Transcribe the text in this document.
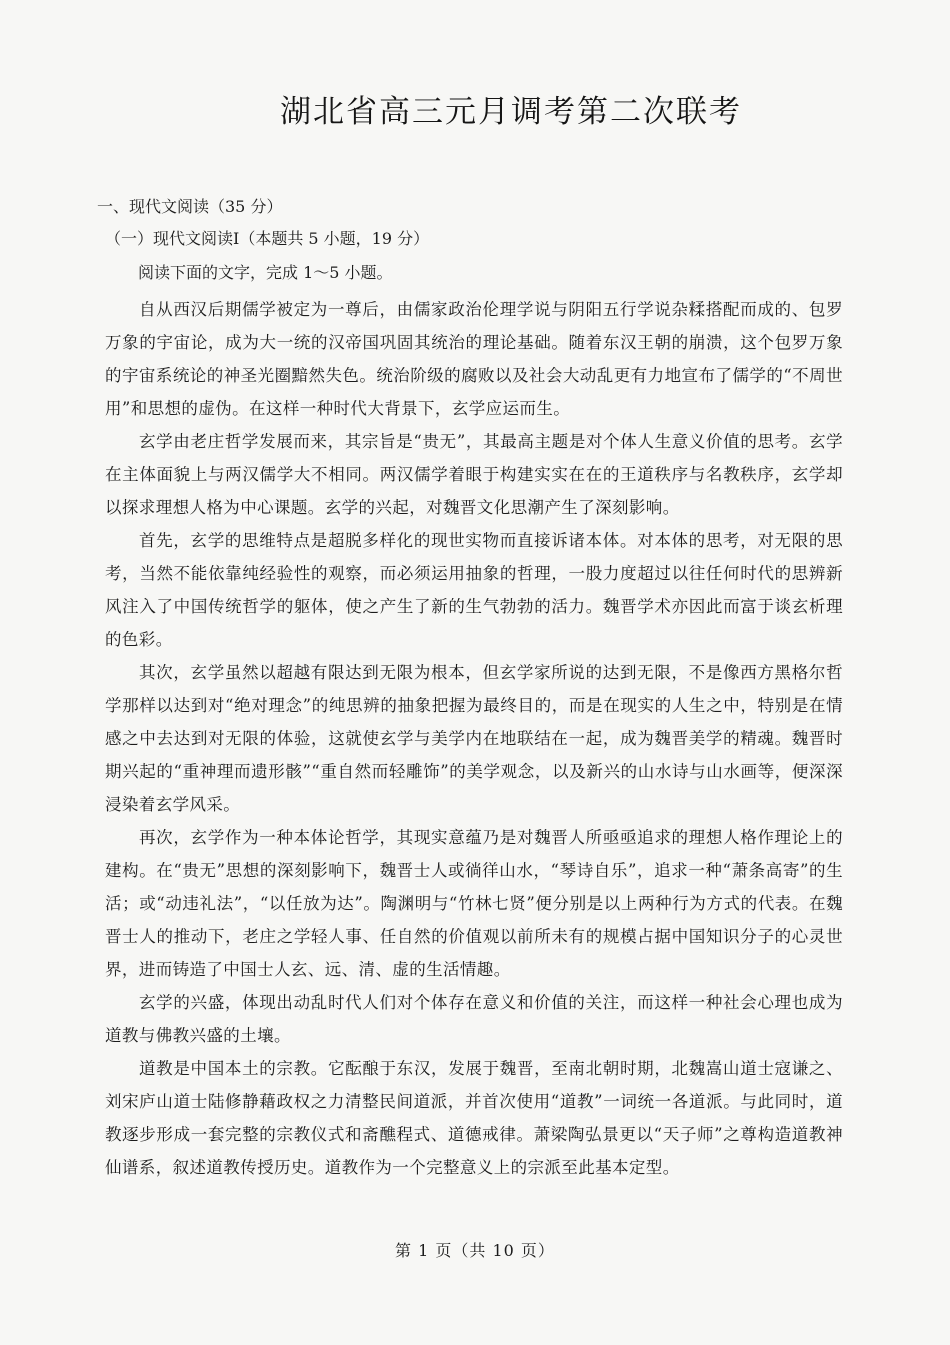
湖北省高三元月调考第二次联考
一、现代文阅读（35 分）
（一）现代文阅读Ⅰ（本题共 5 小题，19 分）
阅读下面的文字，完成 1～5 小题。

自从西汉后期儒学被定为一尊后，由儒家政治伦理学说与阴阳五行学说杂糅搭配而成的、包罗万象的宇宙论，成为大一统的汉帝国巩固其统治的理论基础。随着东汉王朝的崩溃，这个包罗万象的宇宙系统论的神圣光圈黯然失色。统治阶级的腐败以及社会大动乱更有力地宣布了儒学的“不周世用”和思想的虚伪。在这样一种时代大背景下，玄学应运而生。

玄学由老庄哲学发展而来，其宗旨是“贵无”，其最高主题是对个体人生意义价值的思考。玄学在主体面貌上与两汉儒学大不相同。两汉儒学着眼于构建实实在在的王道秩序与名教秩序，玄学却以探求理想人格为中心课题。玄学的兴起，对魏晋文化思潮产生了深刻影响。

首先，玄学的思维特点是超脱多样化的现世实物而直接诉诸本体。对本体的思考，对无限的思考，当然不能依靠纯经验性的观察，而必须运用抽象的哲理，一股力度超过以往任何时代的思辨新风注入了中国传统哲学的躯体，使之产生了新的生气勃勃的活力。魏晋学术亦因此而富于谈玄析理的色彩。

其次，玄学虽然以超越有限达到无限为根本，但玄学家所说的达到无限，不是像西方黑格尔哲学那样以达到对“绝对理念”的纯思辨的抽象把握为最终目的，而是在现实的人生之中，特别是在情感之中去达到对无限的体验，这就使玄学与美学内在地联结在一起，成为魏晋美学的精魂。魏晋时期兴起的“重神理而遗形骸”“重自然而轻雕饰”的美学观念，以及新兴的山水诗与山水画等，便深深浸染着玄学风采。

再次，玄学作为一种本体论哲学，其现实意蕴乃是对魏晋人所亟亟追求的理想人格作理论上的建构。在“贵无”思想的深刻影响下，魏晋士人或徜徉山水，“琴诗自乐”，追求一种“萧条高寄”的生活；或“动违礼法”，“以任放为达”。陶渊明与“竹林七贤”便分别是以上两种行为方式的代表。在魏晋士人的推动下，老庄之学轻人事、任自然的价值观以前所未有的规模占据中国知识分子的心灵世界，进而铸造了中国士人玄、远、清、虚的生活情趣。

玄学的兴盛，体现出动乱时代人们对个体存在意义和价值的关注，而这样一种社会心理也成为道教与佛教兴盛的土壤。

道教是中国本土的宗教。它酝酿于东汉，发展于魏晋，至南北朝时期，北魏嵩山道士寇谦之、刘宋庐山道士陆修静藉政权之力清整民间道派，并首次使用“道教”一词统一各道派。与此同时，道教逐步形成一套完整的宗教仪式和斋醮程式、道德戒律。萧梁陶弘景更以“天子师”之尊构造道教神仙谱系，叙述道教传授历史。道教作为一个完整意义上的宗派至此基本定型。

第 1 页（共 10 页）
